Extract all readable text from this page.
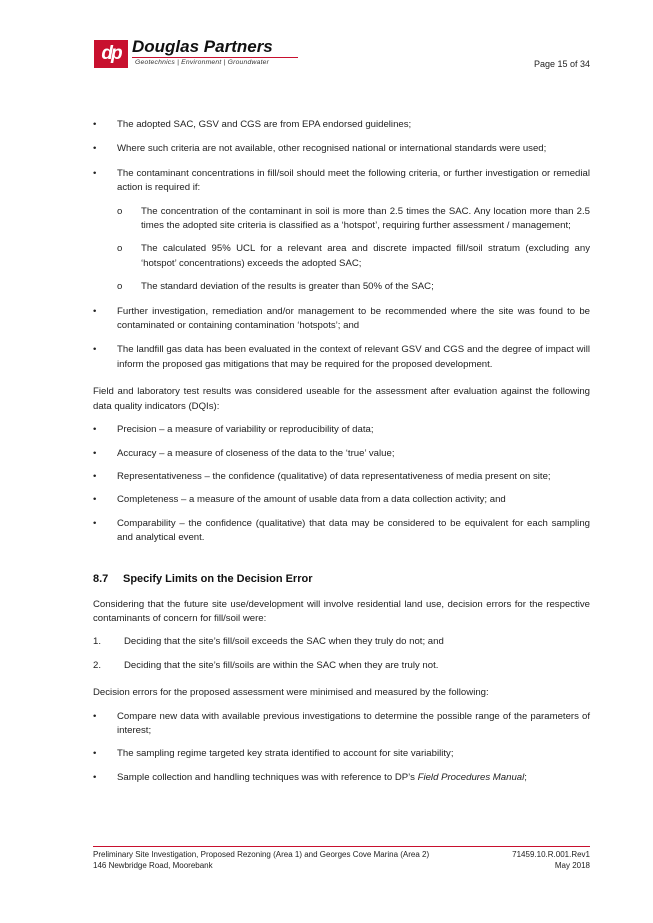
dp Douglas Partners
Geotechnics | Environment | Groundwater	Page 15 of 34
• The adopted SAC, GSV and CGS are from EPA endorsed guidelines;
• Where such criteria are not available, other recognised national or international standards were used;
• The contaminant concentrations in fill/soil should meet the following criteria, or further investigation or remedial action is required if:
o The concentration of the contaminant in soil is more than 2.5 times the SAC. Any location more than 2.5 times the adopted site criteria is classified as a ‘hotspot’, requiring further assessment / management;
o The calculated 95% UCL for a relevant area and discrete impacted fill/soil stratum (excluding any ‘hotspot’ concentrations) exceeds the adopted SAC;
o The standard deviation of the results is greater than 50% of the SAC;
• Further investigation, remediation and/or management to be recommended where the site was found to be contaminated or containing contamination ‘hotspots’; and
• The landfill gas data has been evaluated in the context of relevant GSV and CGS and the degree of impact will inform the proposed gas mitigations that may be required for the proposed development.

Field and laboratory test results was considered useable for the assessment after evaluation against the following data quality indicators (DQIs):

• Precision – a measure of variability or reproducibility of data;
• Accuracy – a measure of closeness of the data to the ‘true’ value;
• Representativeness – the confidence (qualitative) of data representativeness of media present on site;
• Completeness – a measure of the amount of usable data from a data collection activity; and
• Comparability – the confidence (qualitative) that data may be considered to be equivalent for each sampling and analytical event.
8.7 Specify Limits on the Decision Error

Considering that the future site use/development will involve residential land use, decision errors for the respective contaminants of concern for fill/soil were:

1. Deciding that the site’s fill/soil exceeds the SAC when they truly do not; and
2. Deciding that the site’s fill/soils are within the SAC when they are truly not.

Decision errors for the proposed assessment were minimised and measured by the following:

• Compare new data with available previous investigations to determine the possible range of the parameters of interest;
• The sampling regime targeted key strata identified to account for site variability;
• Sample collection and handling techniques was with reference to DP’s Field Procedures Manual;
Preliminary Site Investigation, Proposed Rezoning (Area 1) and Georges Cove Marina (Area 2)
146 Newbridge Road, Moorebank
71459.10.R.001.Rev1
May 2018
